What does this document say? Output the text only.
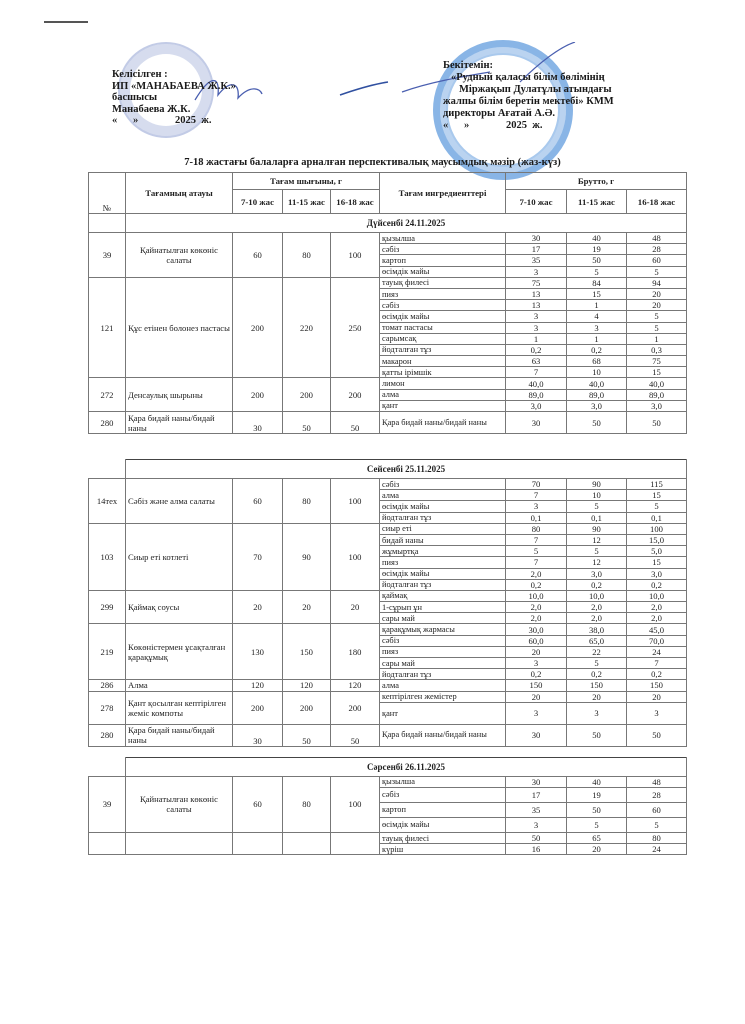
Келісілген :
ИП «МАНАБАЕВА Ж.К.»
басшысы
Манабаева Ж.К.
«      »              2025  ж.
Бекітемін:
«Рудный қаласы білім бөлімінің
Міржақып Дулатұлы атындағы
жалпы білім беретін мектебі» КММ
директоры Ағатай А.Ә.
«      »              2025  ж.
7-18 жастағы балаларға арналған перспективалық маусымдық мәзір (жаз-күз)
№	Тағамның атауы	Тағам шығыны, г			Тағам ингредиенттері	Брутто, г		
		7-10 жас	11-15 жас	16-18 жас		7-10 жас	11-15 жас	16-18 жас
	Дүйсенбі 24.11.2025							
39	Қайнатылған көкөніс салаты	60	80	100	қызылша	30	40	48
					сәбіз	17	19	28
					картоп	35	50	60
					өсімдік майы	3	5	5
121	Құс етінен болонез пастасы	200	220	250	тауық филесі	75	84	94
					пияз	13	15	20
					сәбіз	13	1	20
					өсімдік майы	3	4	5
					томат пастасы	3	3	5
					сарымсақ	1	1	1
					йодталған тұз	0,2	0,2	0,3
					макарон	63	68	75
					қатты ірімшік	7	10	15
272	Денсаулық шырыны	200	200	200	лимон	40,0	40,0	40,0
					алма	89,0	89,0	89,0
					қант	3,0	3,0	3,0
280	Қара бидай наны/бидай наны	30	50	50	Қара бидай наны/бидай наны	30	50	50

	Сейсенбі 25.11.2025							
14тех	Сәбіз және алма салаты	60	80	100	сәбіз	70	90	115
					алма	7	10	15
					өсімдік майы	3	5	5
					йодталған тұз	0,1	0,1	0,1
103	Сиыр еті котлеті	70	90	100	сиыр еті	80	90	100
					бидай наны	7	12	15,0
					жұмыртқа	5	5	5,0
					пияз	7	12	15
					өсімдік майы	2,0	3,0	3,0
					йодталған тұз	0,2	0,2	0,2
299	Қаймақ соусы	20	20	20	қаймақ	10,0	10,0	10,0
					1-сұрып ұн	2,0	2,0	2,0
					сары май	2,0	2,0	2,0
219	Көкөністермен ұсақталған қарақұмық	130	150	180	қарақұмық жармасы	30,0	38,0	45,0
					сәбіз	60,0	65,0	70,0
					пияз	20	22	24
					сары май	3	5	7
					йодталған тұз	0,2	0,2	0,2
286	Алма	120	120	120	алма	150	150	150
278	Қант қосылған кептірілген жеміс компоты	200	200	200	кептірілген жемістер	20	20	20
					қант	3	3	3
280	Қара бидай наны/бидай наны	30	50	50	Қара бидай наны/бидай наны	30	50	50

	Сәрсенбі 26.11.2025							
39	Қайнатылған көкөніс салаты	60	80	100	қызылша	30	40	48
					сәбіз	17	19	28
					картоп	35	50	60
					өсімдік майы	3	5	5
					тауық филесі	50	65	80
					күріш	16	20	24
